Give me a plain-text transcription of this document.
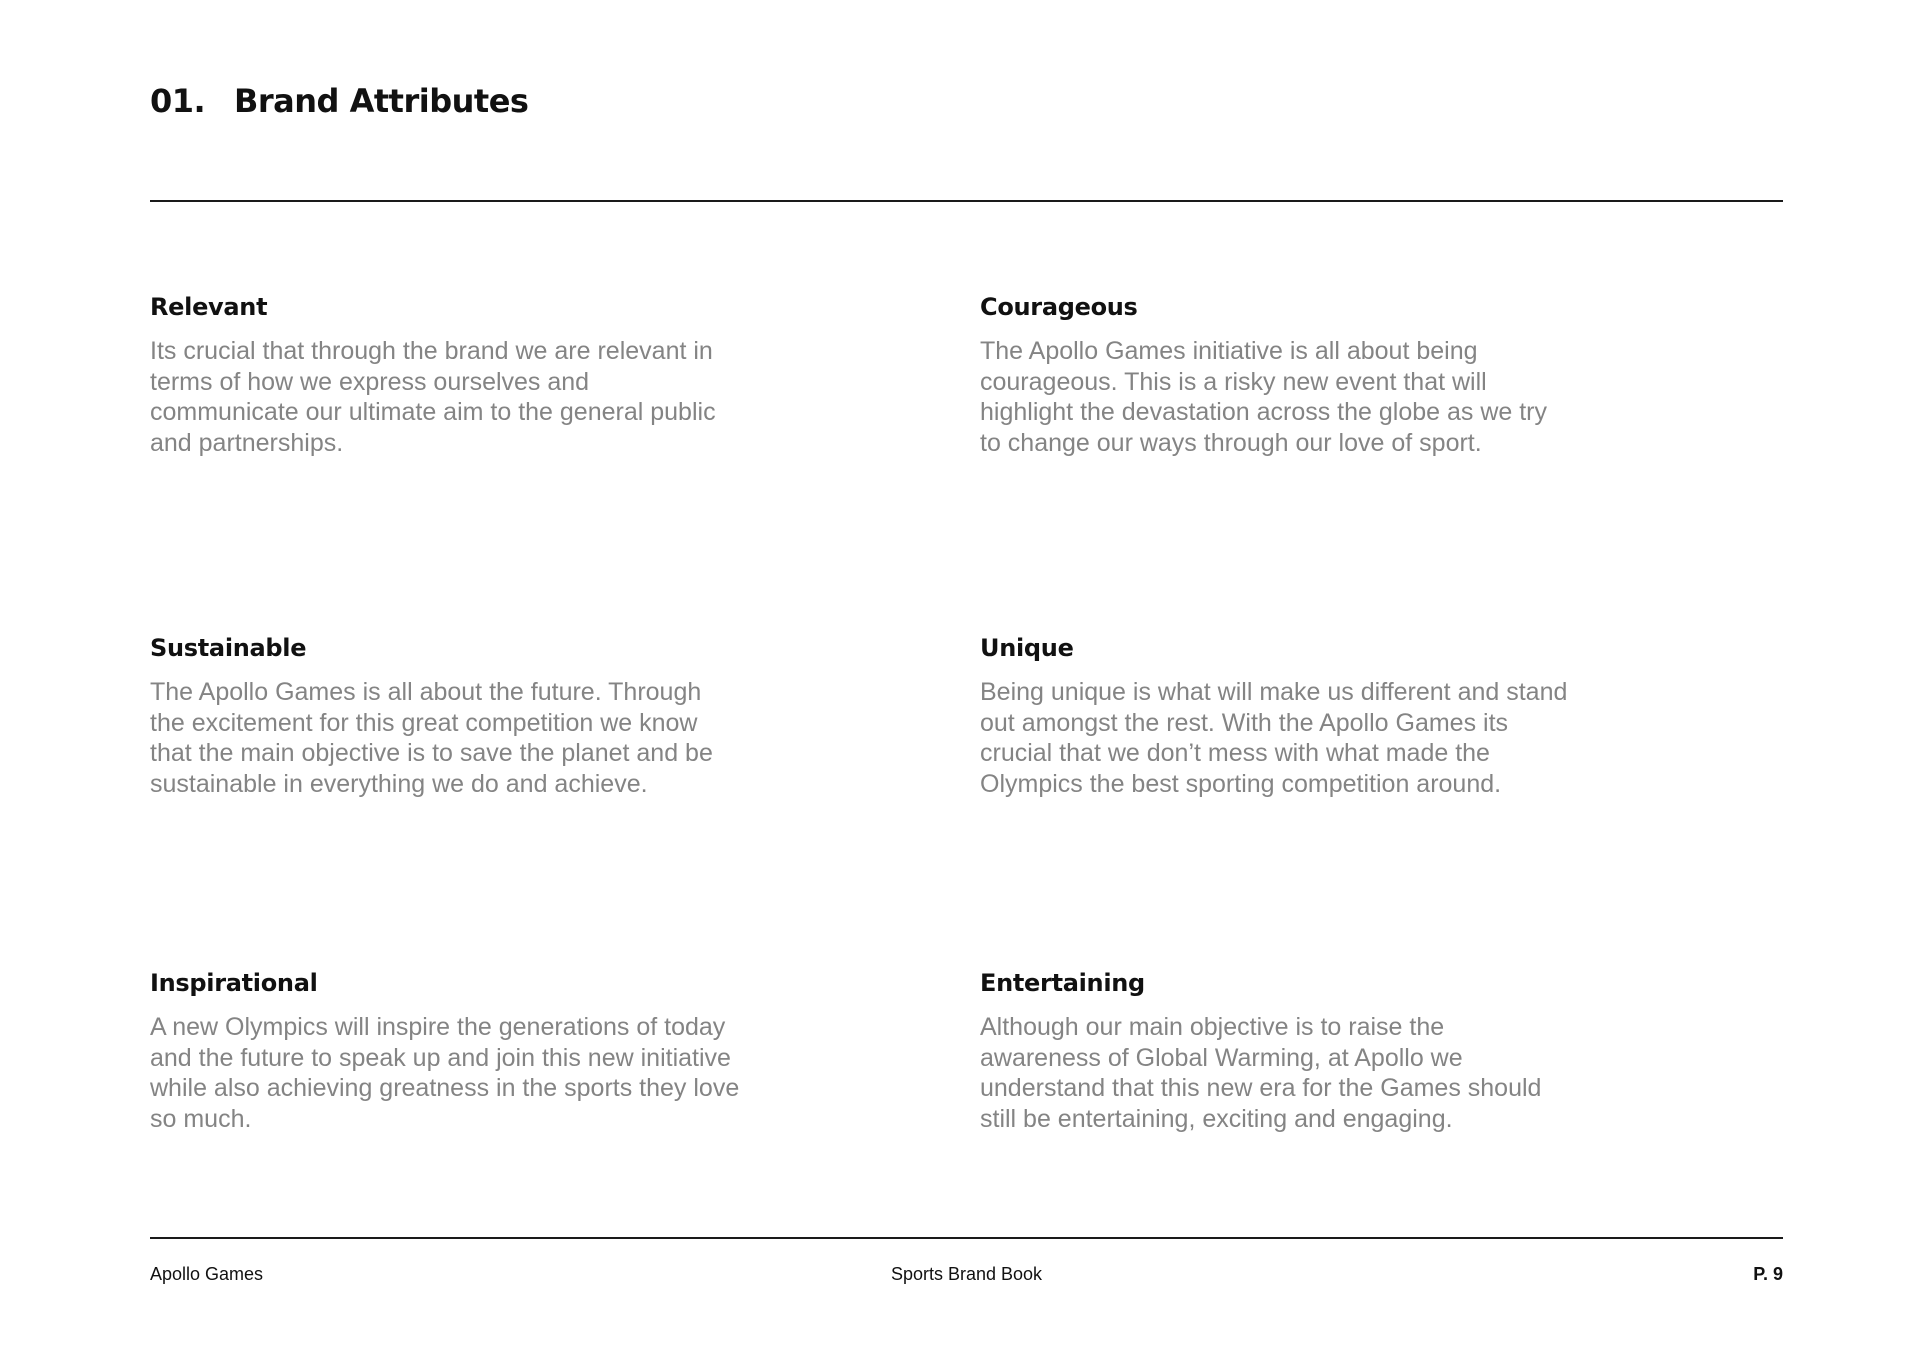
01. Brand Attributes
Relevant

Its crucial that through the brand we are relevant in terms of how we express ourselves and communicate our ultimate aim to the general public and partnerships.

Courageous

The Apollo Games initiative is all about being courageous. This is a risky new event that will highlight the devastation across the globe as we try to change our ways through our love of sport.

Sustainable

The Apollo Games is all about the future. Through the excitement for this great competition we know that the main objective is to save the planet and be sustainable in everything we do and achieve.

Unique

Being unique is what will make us different and stand out amongst the rest. With the Apollo Games its crucial that we don’t mess with what made the Olympics the best sporting competition around.

Inspirational

A new Olympics will inspire the generations of today and the future to speak up and join this new initiative while also achieving greatness in the sports they love so much.

Entertaining

Although our main objective is to raise the awareness of Global Warming, at Apollo we understand that this new era for the Games should still be entertaining, exciting and engaging.

Apollo Games	Sports Brand Book	P. 9
